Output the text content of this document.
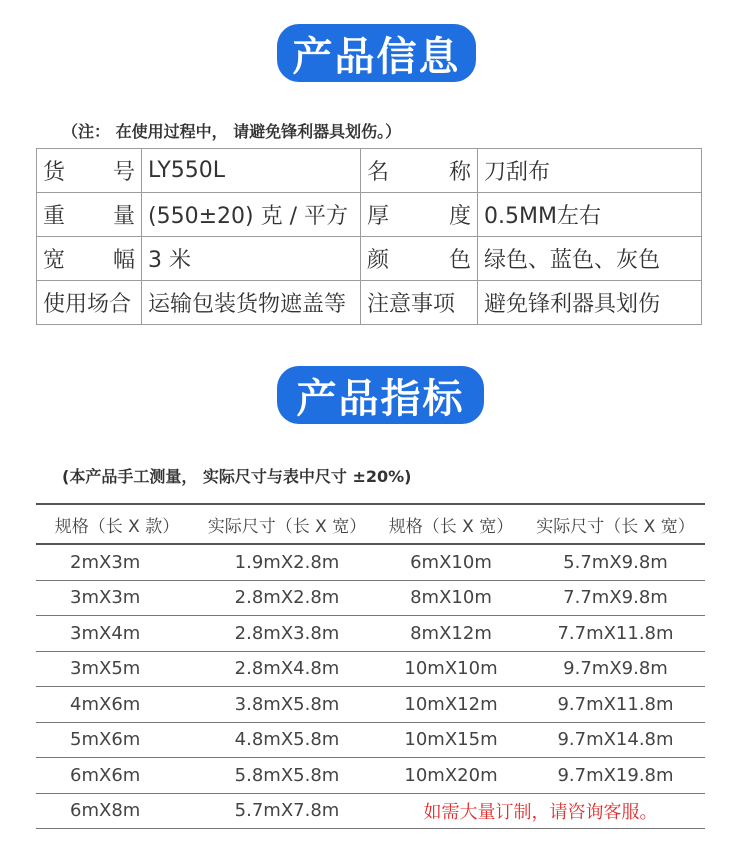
产品信息
（注： 在使用过程中， 请避免锋利器具划伤。）
货 号	LY550L	名 称	刀刮布

重 量	(550±20) 克 / 平方	厚 度	0.5MM左右

宽 幅	3 米	颜 色	绿色、蓝色、灰色
使用场合	运输包装货物遮盖等	注意事项	避免锋利器具划伤
产品指标
(本产品手工测量， 实际尺寸与表中尺寸 ±20%)
规格（长 X 款）	实际尺寸（长 X 宽）	规格（长 X 宽）	实际尺寸（长 X 宽）
2mX3m	1.9mX2.8m	6mX10m	5.7mX9.8m
3mX3m	2.8mX2.8m	8mX10m	7.7mX9.8m
3mX4m	2.8mX3.8m	8mX12m	7.7mX11.8m
3mX5m	2.8mX4.8m	10mX10m	9.7mX9.8m
4mX6m	3.8mX5.8m	10mX12m	9.7mX11.8m
5mX6m	4.8mX5.8m	10mX15m	9.7mX14.8m
6mX6m	5.8mX5.8m	10mX20m	9.7mX19.8m
6mX8m	5.7mX7.8m	如需大量订制，请咨询客服。	
